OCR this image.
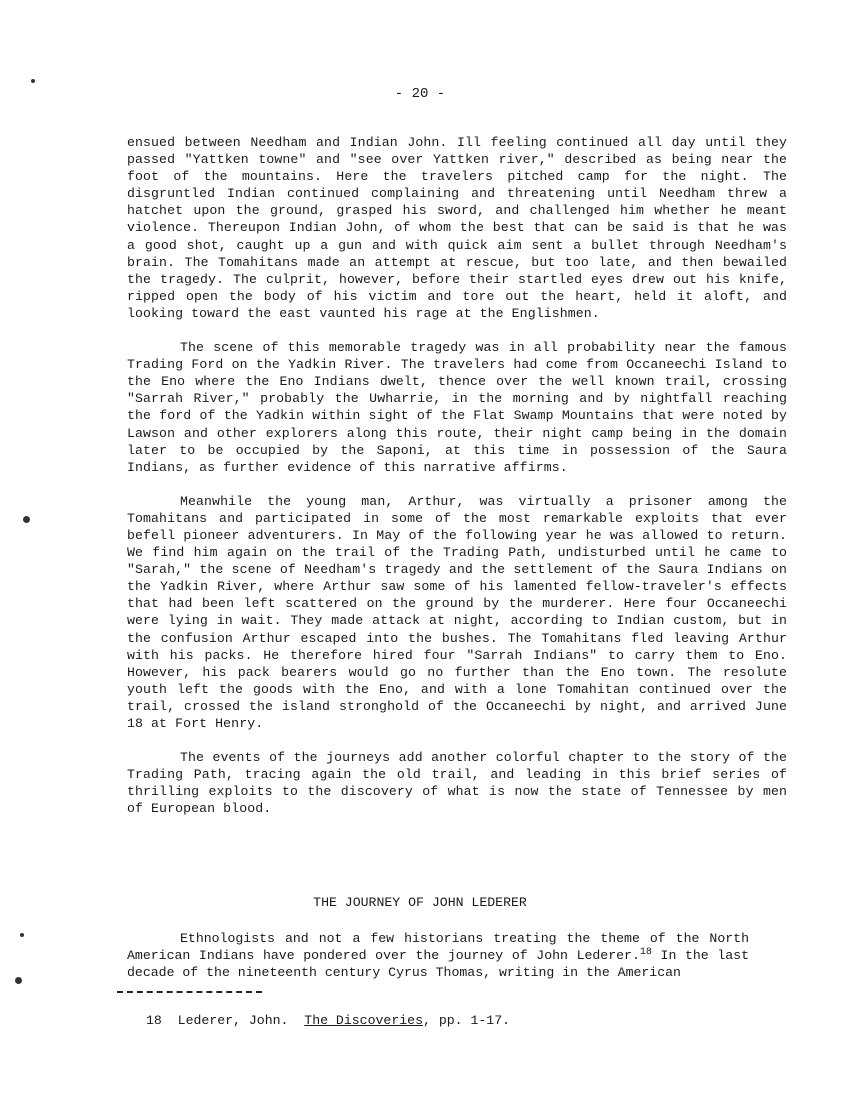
- 20 -

ensued between Needham and Indian John. Ill feeling continued all day until they passed "Yattken towne" and "see over Yattken river," described as being near the foot of the mountains. Here the travelers pitched camp for the night. The disgruntled Indian continued complaining and threatening until Needham threw a hatchet upon the ground, grasped his sword, and challenged him whether he meant violence. Thereupon Indian John, of whom the best that can be said is that he was a good shot, caught up a gun and with quick aim sent a bullet through Needham's brain. The Tomahitans made an attempt at rescue, but too late, and then bewailed the tragedy. The culprit, however, before their startled eyes drew out his knife, ripped open the body of his victim and tore out the heart, held it aloft, and looking toward the east vaunted his rage at the Englishmen.

The scene of this memorable tragedy was in all probability near the famous Trading Ford on the Yadkin River. The travelers had come from Occaneechi Island to the Eno where the Eno Indians dwelt, thence over the well known trail, crossing "Sarrah River," probably the Uwharrie, in the morning and by nightfall reaching the ford of the Yadkin within sight of the Flat Swamp Mountains that were noted by Lawson and other explorers along this route, their night camp being in the domain later to be occupied by the Saponi, at this time in possession of the Saura Indians, as further evidence of this narrative affirms.

Meanwhile the young man, Arthur, was virtually a prisoner among the Tomahitans and participated in some of the most remarkable exploits that ever befell pioneer adventurers. In May of the following year he was allowed to return. We find him again on the trail of the Trading Path, undisturbed until he came to "Sarah," the scene of Needham's tragedy and the settlement of the Saura Indians on the Yadkin River, where Arthur saw some of his lamented fellow-traveler's effects that had been left scattered on the ground by the murderer. Here four Occaneechi were lying in wait. They made attack at night, according to Indian custom, but in the confusion Arthur escaped into the bushes. The Tomahitans fled leaving Arthur with his packs. He therefore hired four "Sarrah Indians" to carry them to Eno. However, his pack bearers would go no further than the Eno town. The resolute youth left the goods with the Eno, and with a lone Tomahitan continued over the trail, crossed the island stronghold of the Occaneechi by night, and arrived June 18 at Fort Henry.

The events of the journeys add another colorful chapter to the story of the Trading Path, tracing again the old trail, and leading in this brief series of thrilling exploits to the discovery of what is now the state of Tennessee by men of European blood.

THE JOURNEY OF JOHN LEDERER

Ethnologists and not a few historians treating the theme of the North American Indians have pondered over the journey of John Lederer.$^{18}$ In the last decade of the nineteenth century Cyrus Thomas, writing in the American

18 Lederer, John. The Discoveries, pp. 1-17.
